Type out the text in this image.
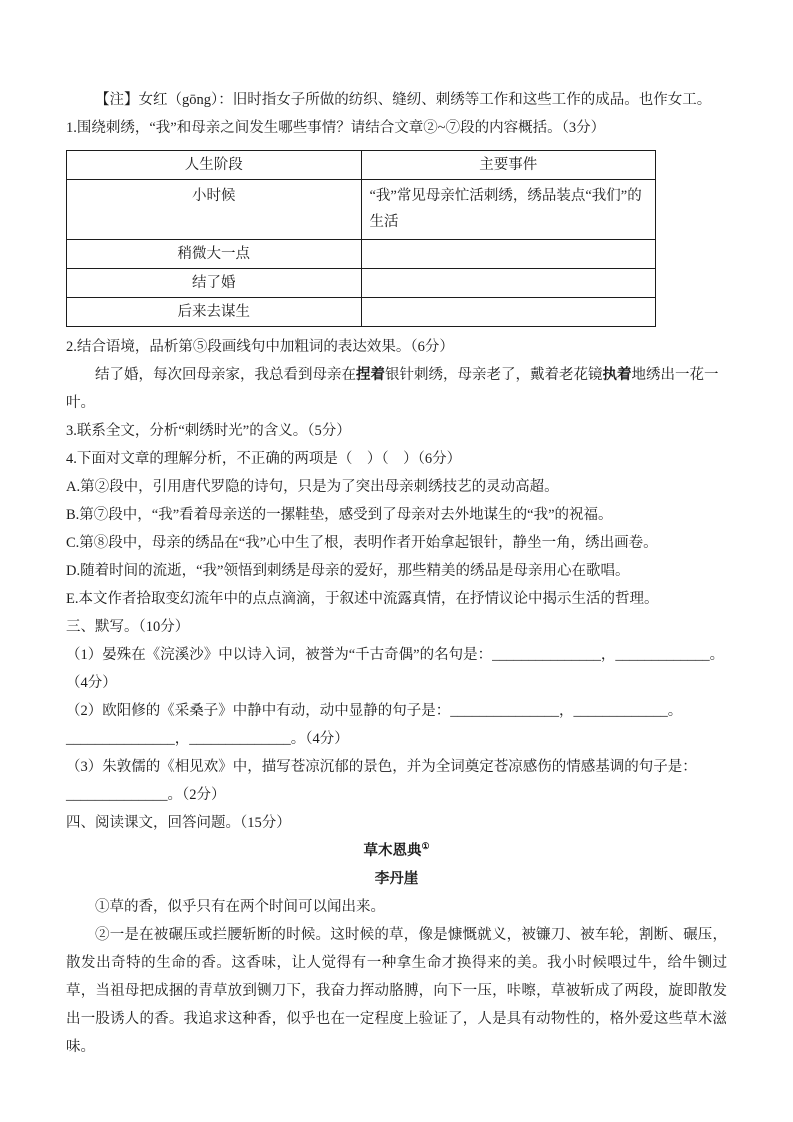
【注】女红（gōng）：旧时指女子所做的纺织、缝纫、刺绣等工作和这些工作的成品。也作女工。
1.围绕刺绣，“我”和母亲之间发生哪些事情？请结合文章②~⑦段的内容概括。（3分）
人生阶段	主要事件
小时候	“我”常见母亲忙活刺绣，绣品装点“我们”的生活
稍微大一点	
结了婚	
后来去谋生	
2.结合语境，品析第⑤段画线句中加粗词的表达效果。（6分）
结了婚，每次回母亲家，我总看到母亲在捏着银针刺绣，母亲老了，戴着老花镜执着地绣出一花一叶。
3.联系全文，分析“刺绣时光”的含义。（5分）
4.下面对文章的理解分析，不正确的两项是（　）（　）（6分）
A.第②段中，引用唐代罗隐的诗句，只是为了突出母亲刺绣技艺的灵动高超。
B.第⑦段中，“我”看着母亲送的一摞鞋垫，感受到了母亲对去外地谋生的“我”的祝福。
C.第⑧段中，母亲的绣品在“我”心中生了根，表明作者开始拿起银针，静坐一角，绣出画卷。
D.随着时间的流逝，“我”领悟到刺绣是母亲的爱好，那些精美的绣品是母亲用心在歌唱。
E.本文作者拾取变幻流年中的点点滴滴，于叙述中流露真情，在抒情议论中揭示生活的哲理。
三、默写。（10分）
（1）晏殊在《浣溪沙》中以诗入词，被誉为“千古奇偶”的名句是：_______________，_____________。
（4分）
（2）欧阳修的《采桑子》中静中有动，动中显静的句子是：_______________，_____________。
_______________，______________。（4分）
（3）朱敦儒的《相见欢》中，描写苍凉沉郁的景色，并为全词奠定苍凉感伤的情感基调的句子是：
______________。（2分）
四、阅读课文，回答问题。（15分）
草木恩典①
李丹崖
①草的香，似乎只有在两个时间可以闻出来。
②一是在被碾压或拦腰斩断的时候。这时候的草，像是慷慨就义，被镰刀、被车轮，割断、碾压，散发出奇特的生命的香。这香味，让人觉得有一种拿生命才换得来的美。我小时候喂过牛，给牛铡过草，当祖母把成捆的青草放到铡刀下，我奋力挥动胳膊，向下一压，咔嚓，草被斩成了两段，旋即散发出一股诱人的香。我追求这种香，似乎也在一定程度上验证了，人是具有动物性的，格外爱这些草木滋味。
